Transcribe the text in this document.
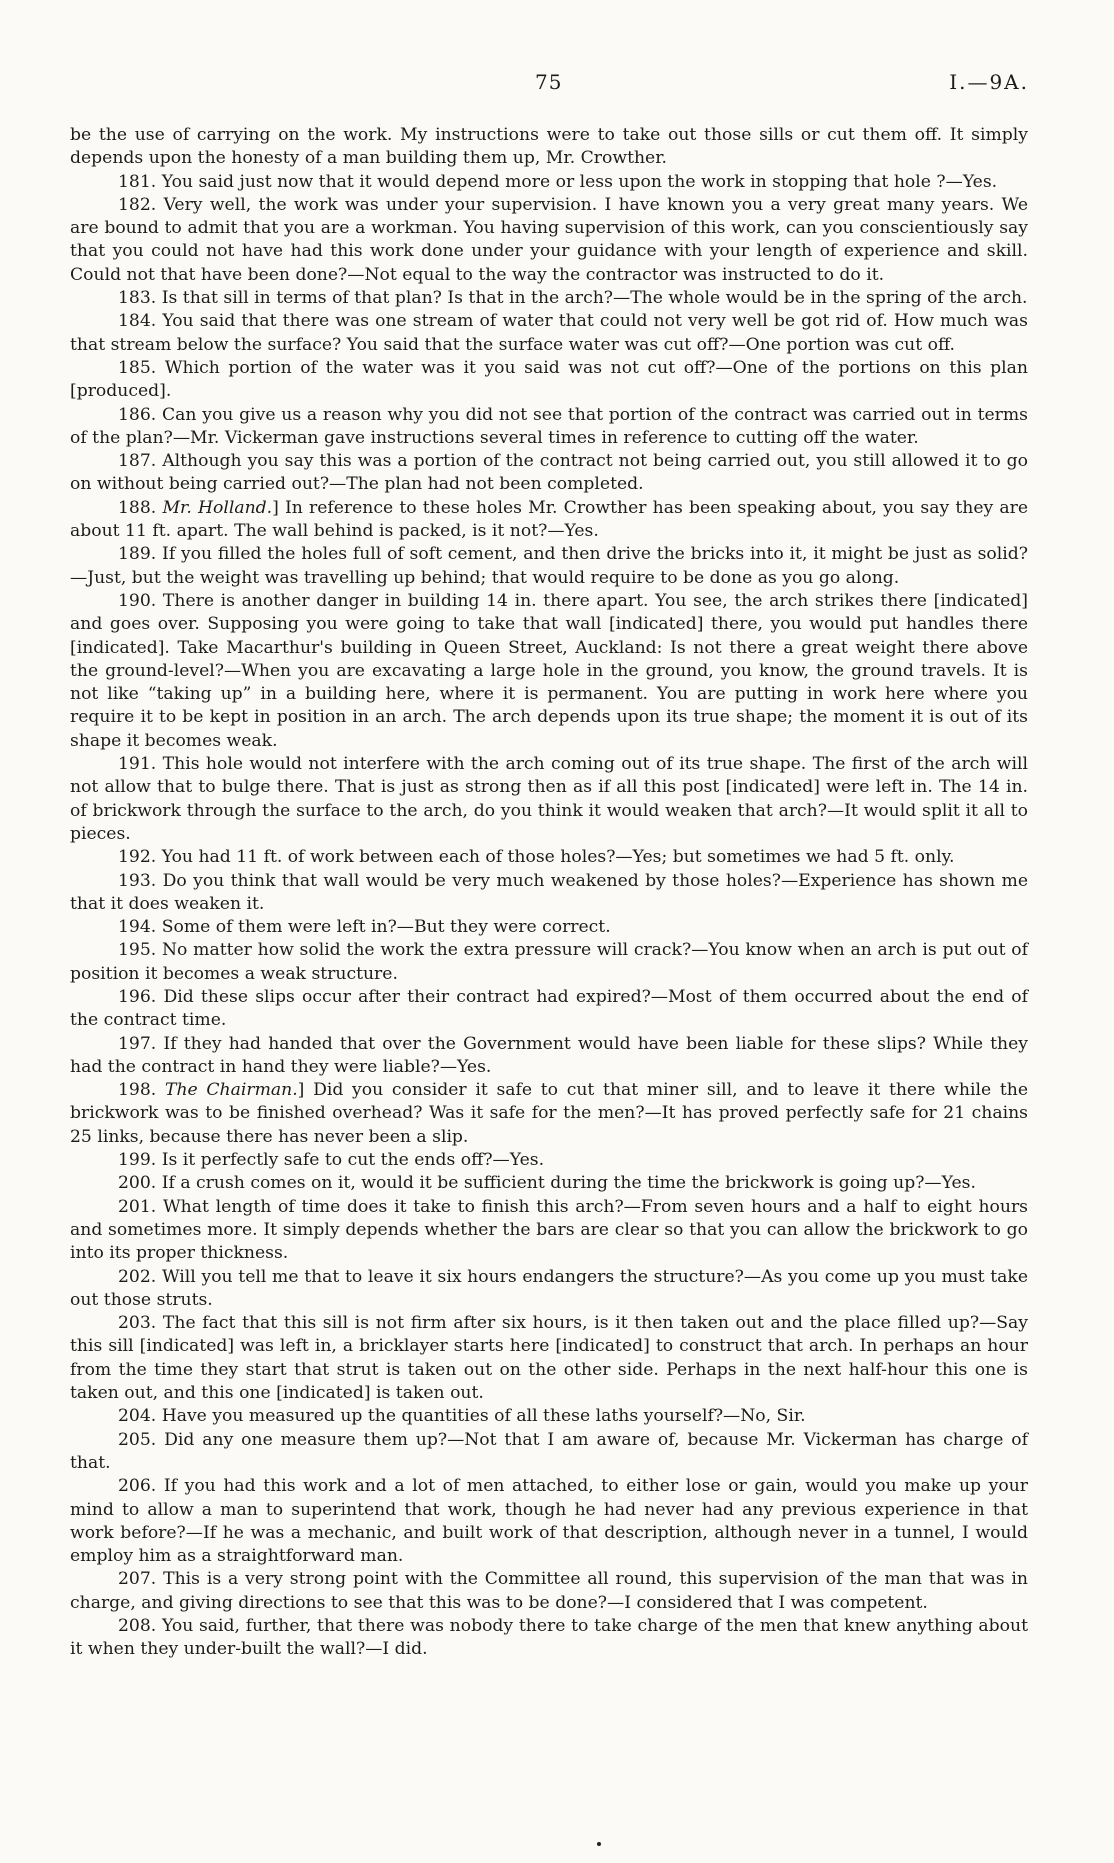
75	I.—9A.

be the use of carrying on the work. My instructions were to take out those sills or cut them off. It simply depends upon the honesty of a man building them up, Mr. Crowther.

181. You said just now that it would depend more or less upon the work in stopping that hole ?—Yes.

182. Very well, the work was under your supervision. I have known you a very great many years. We are bound to admit that you are a workman. You having supervision of this work, can you conscientiously say that you could not have had this work done under your guidance with your length of experience and skill. Could not that have been done?—Not equal to the way the contractor was instructed to do it.

183. Is that sill in terms of that plan? Is that in the arch?—The whole would be in the spring of the arch.

184. You said that there was one stream of water that could not very well be got rid of. How much was that stream below the surface? You said that the surface water was cut off?—One portion was cut off.

185. Which portion of the water was it you said was not cut off?—One of the portions on this plan [produced].

186. Can you give us a reason why you did not see that portion of the contract was carried out in terms of the plan?—Mr. Vickerman gave instructions several times in reference to cutting off the water.

187. Although you say this was a portion of the contract not being carried out, you still allowed it to go on without being carried out?—The plan had not been completed.

188. Mr. Holland.] In reference to these holes Mr. Crowther has been speaking about, you say they are about 11 ft. apart. The wall behind is packed, is it not?—Yes.

189. If you filled the holes full of soft cement, and then drive the bricks into it, it might be just as solid?—Just, but the weight was travelling up behind; that would require to be done as you go along.

190. There is another danger in building 14 in. there apart. You see, the arch strikes there [indicated] and goes over. Supposing you were going to take that wall [indicated] there, you would put handles there [indicated]. Take Macarthur's building in Queen Street, Auckland: Is not there a great weight there above the ground-level?—When you are excavating a large hole in the ground, you know, the ground travels. It is not like “taking up” in a building here, where it is permanent. You are putting in work here where you require it to be kept in position in an arch. The arch depends upon its true shape; the moment it is out of its shape it becomes weak.

191. This hole would not interfere with the arch coming out of its true shape. The first of the arch will not allow that to bulge there. That is just as strong then as if all this post [indicated] were left in. The 14 in. of brickwork through the surface to the arch, do you think it would weaken that arch?—It would split it all to pieces.

192. You had 11 ft. of work between each of those holes?—Yes; but sometimes we had 5 ft. only.

193. Do you think that wall would be very much weakened by those holes?—Experience has shown me that it does weaken it.

194. Some of them were left in?—But they were correct.

195. No matter how solid the work the extra pressure will crack?—You know when an arch is put out of position it becomes a weak structure.

196. Did these slips occur after their contract had expired?—Most of them occurred about the end of the contract time.

197. If they had handed that over the Government would have been liable for these slips? While they had the contract in hand they were liable?—Yes.

198. The Chairman.] Did you consider it safe to cut that miner sill, and to leave it there while the brickwork was to be finished overhead? Was it safe for the men?—It has proved perfectly safe for 21 chains 25 links, because there has never been a slip.

199. Is it perfectly safe to cut the ends off?—Yes.

200. If a crush comes on it, would it be sufficient during the time the brickwork is going up?—Yes.

201. What length of time does it take to finish this arch?—From seven hours and a half to eight hours and sometimes more. It simply depends whether the bars are clear so that you can allow the brickwork to go into its proper thickness.

202. Will you tell me that to leave it six hours endangers the structure?—As you come up you must take out those struts.

203. The fact that this sill is not firm after six hours, is it then taken out and the place filled up?—Say this sill [indicated] was left in, a bricklayer starts here [indicated] to construct that arch. In perhaps an hour from the time they start that strut is taken out on the other side. Perhaps in the next half-hour this one is taken out, and this one [indicated] is taken out.

204. Have you measured up the quantities of all these laths yourself?—No, Sir.

205. Did any one measure them up?—Not that I am aware of, because Mr. Vickerman has charge of that.

206. If you had this work and a lot of men attached, to either lose or gain, would you make up your mind to allow a man to superintend that work, though he had never had any previous experience in that work before?—If he was a mechanic, and built work of that description, although never in a tunnel, I would employ him as a straightforward man.

207. This is a very strong point with the Committee all round, this supervision of the man that was in charge, and giving directions to see that this was to be done?—I considered that I was competent.

208. You said, further, that there was nobody there to take charge of the men that knew anything about it when they under-built the wall?—I did.
